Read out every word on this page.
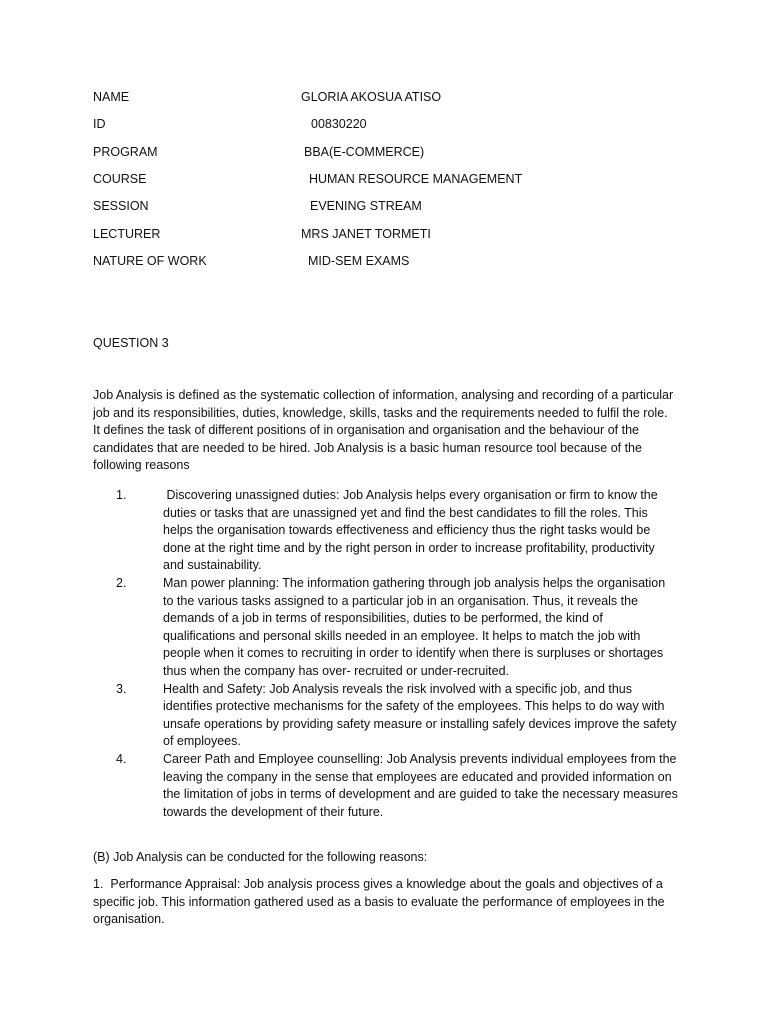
NAME	GLORIA AKOSUA ATISO
ID	00830220
PROGRAM	BBA(E-COMMERCE)
COURSE	HUMAN RESOURCE MANAGEMENT
SESSION	EVENING STREAM
LECTURER	MRS JANET TORMETI
NATURE OF WORK	MID-SEM EXAMS
QUESTION 3

Job Analysis is defined as the systematic collection of information, analysing and recording of a particular job and its responsibilities, duties, knowledge, skills, tasks and the requirements needed to fulfil the role. It defines the task of different positions of in organisation and organisation and the behaviour of the candidates that are needed to be hired. Job Analysis is a basic human resource tool because of the following reasons

1.	Discovering unassigned duties: Job Analysis helps every organisation or firm to know the duties or tasks that are unassigned yet and find the best candidates to fill the roles. This helps the organisation towards effectiveness and efficiency thus the right tasks would be done at the right time and by the right person in order to increase profitability, productivity and sustainability.
2.	Man power planning: The information gathering through job analysis helps the organisation to the various tasks assigned to a particular job in an organisation. Thus, it reveals the demands of a job in terms of responsibilities, duties to be performed, the kind of qualifications and personal skills needed in an employee. It helps to match the job with people when it comes to recruiting in order to identify when there is surpluses or shortages thus when the company has over- recruited or under-recruited.
3.	Health and Safety: Job Analysis reveals the risk involved with a specific job, and thus identifies protective mechanisms for the safety of the employees. This helps to do way with unsafe operations by providing safety measure or installing safely devices improve the safety of employees.
4.	Career Path and Employee counselling: Job Analysis prevents individual employees from the leaving the company in the sense that employees are educated and provided information on the limitation of jobs in terms of development and are guided to take the necessary measures towards the development of their future.

(B) Job Analysis can be conducted for the following reasons:

1.  Performance Appraisal: Job analysis process gives a knowledge about the goals and objectives of a specific job. This information gathered used as a basis to evaluate the performance of employees in the organisation.
